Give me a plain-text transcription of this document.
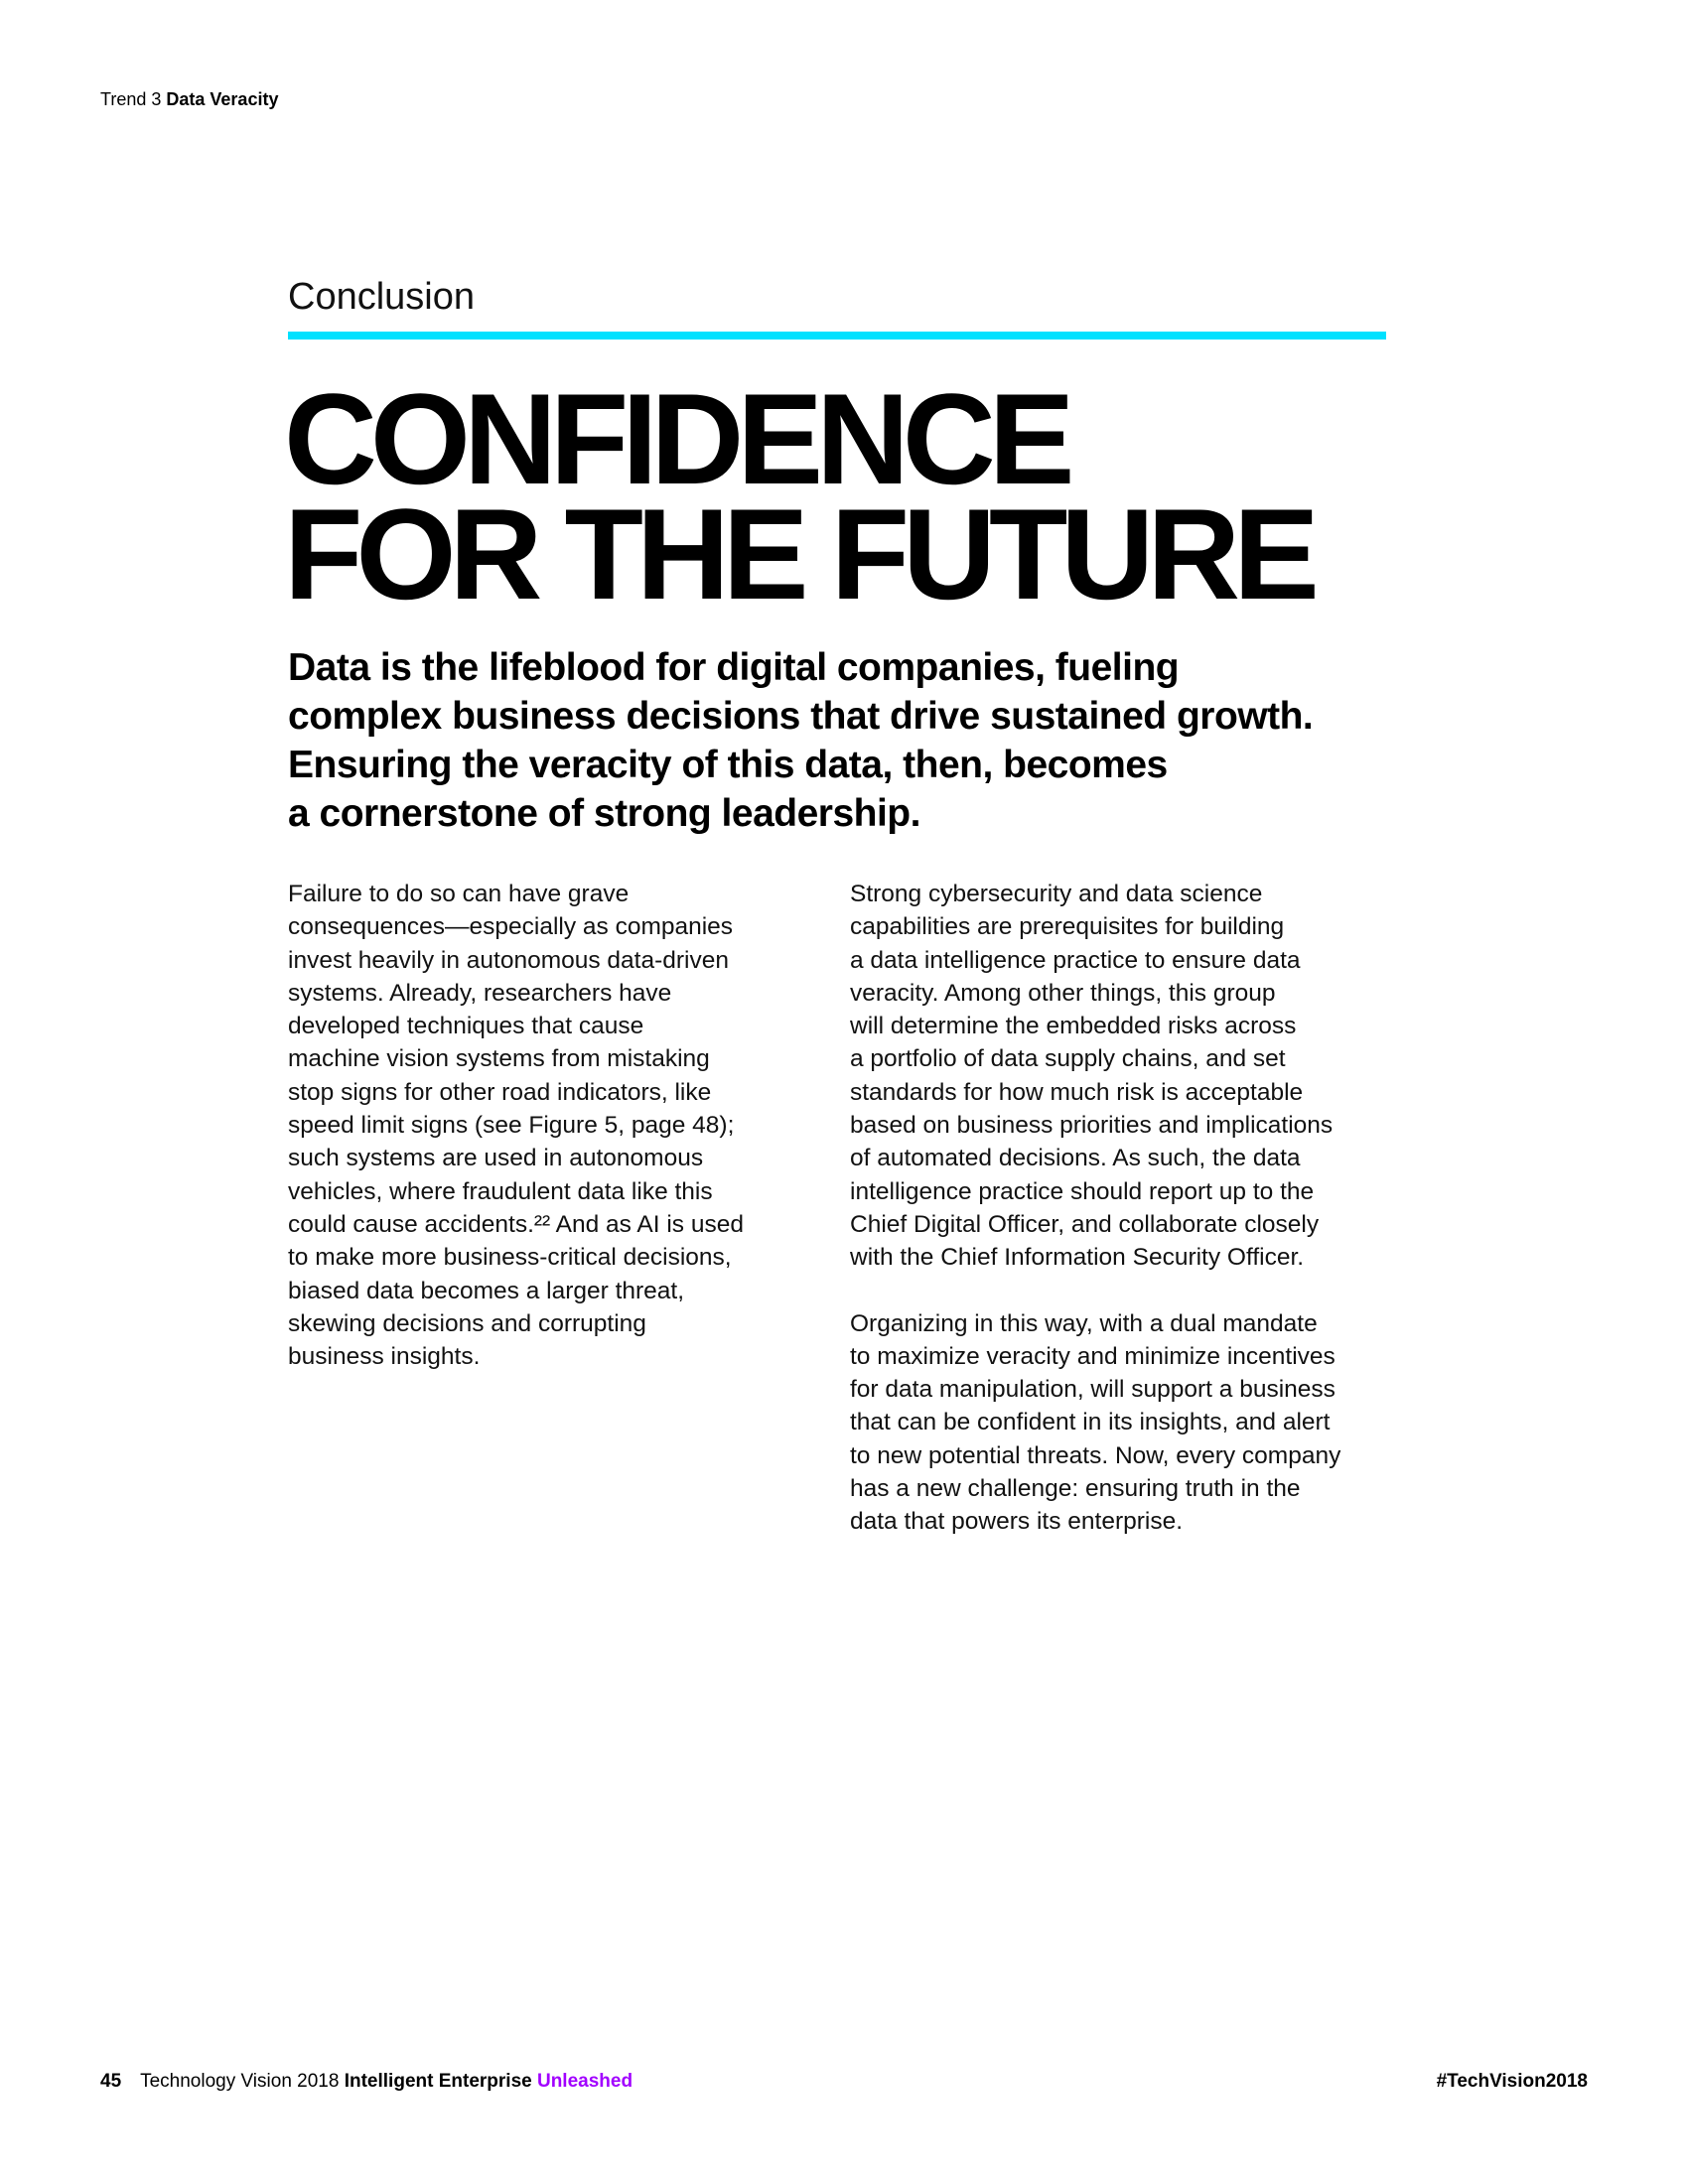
Trend 3 Data Veracity
Conclusion
CONFIDENCE
FOR THE FUTURE
Data is the lifeblood for digital companies, fueling
complex business decisions that drive sustained growth.
Ensuring the veracity of this data, then, becomes
a cornerstone of strong leadership.

Failure to do so can have grave
consequences—especially as companies
invest heavily in autonomous data-driven
systems. Already, researchers have
developed techniques that cause
machine vision systems from mistaking
stop signs for other road indicators, like
speed limit signs (see Figure 5, page 48);
such systems are used in autonomous
vehicles, where fraudulent data like this
could cause accidents.²² And as AI is used
to make more business-critical decisions,
biased data becomes a larger threat,
skewing decisions and corrupting
business insights.

Strong cybersecurity and data science
capabilities are prerequisites for building
a data intelligence practice to ensure data
veracity. Among other things, this group
will determine the embedded risks across
a portfolio of data supply chains, and set
standards for how much risk is acceptable
based on business priorities and implications
of automated decisions. As such, the data
intelligence practice should report up to the
Chief Digital Officer, and collaborate closely
with the Chief Information Security Officer.

Organizing in this way, with a dual mandate
to maximize veracity and minimize incentives
for data manipulation, will support a business
that can be confident in its insights, and alert
to new potential threats. Now, every company
has a new challenge: ensuring truth in the
data that powers its enterprise.

45 Technology Vision 2018 Intelligent Enterprise Unleashed	#TechVision2018
